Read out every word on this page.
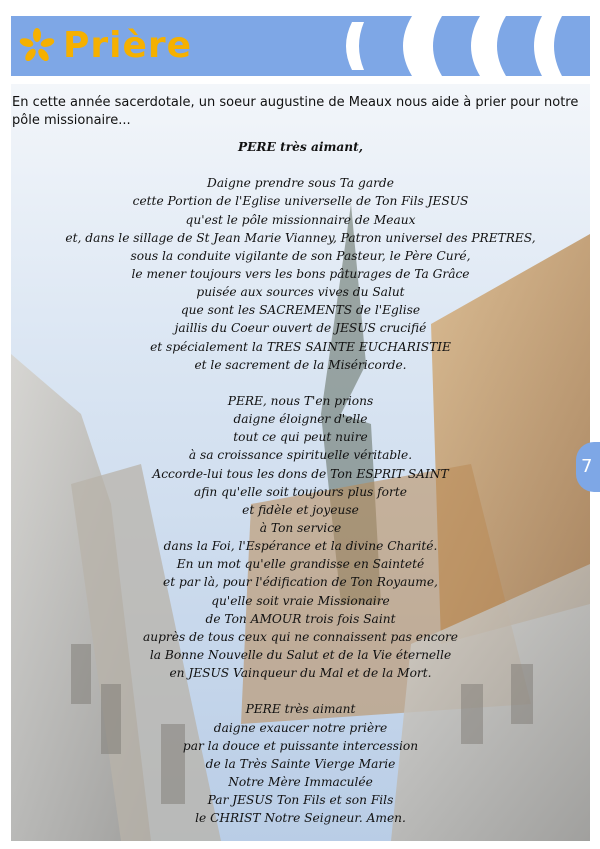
Prière
En cette année sacerdotale, un soeur augustine de Meaux nous aide à prier pour notre pôle missionaire...
PERE très aimant,
Daigne prendre sous Ta garde
cette Portion de l'Eglise universelle de Ton Fils JESUS
qu'est le pôle missionnaire de Meaux
et, dans le sillage de St Jean Marie Vianney, Patron universel des PRETRES,
sous la conduite vigilante de son Pasteur, le Père Curé,
le mener toujours vers les bons pâturages de Ta Grâce
puisée aux sources vives du Salut
que sont les SACREMENTS de l'Eglise
jaillis du Coeur ouvert de JESUS crucifié
et spécialement la TRES SAINTE EUCHARISTIE
et le sacrement de la Miséricorde.
PERE, nous T'en prions
daigne éloigner d'elle
tout ce qui peut nuire
à sa croissance spirituelle véritable.
Accorde-lui tous les dons de Ton ESPRIT SAINT
afin qu'elle soit toujours plus forte
et fidèle et joyeuse
à Ton service
dans la Foi, l'Espérance et la divine Charité.
En un mot qu'elle grandisse en Sainteté
et par là, pour l'édification de Ton Royaume,
qu'elle soit vraie Missionaire
de Ton AMOUR trois fois Saint
auprès de tous ceux qui ne connaissent pas encore
la Bonne Nouvelle du Salut et de la Vie éternelle
en JESUS Vainqueur du Mal et de la Mort.
PERE très aimant
daigne exaucer notre prière
par la douce et puissante intercession
de la Très Sainte Vierge Marie
Notre Mère Immaculée
Par JESUS Ton Fils et son Fils
le CHRIST Notre Seigneur. Amen.
7
